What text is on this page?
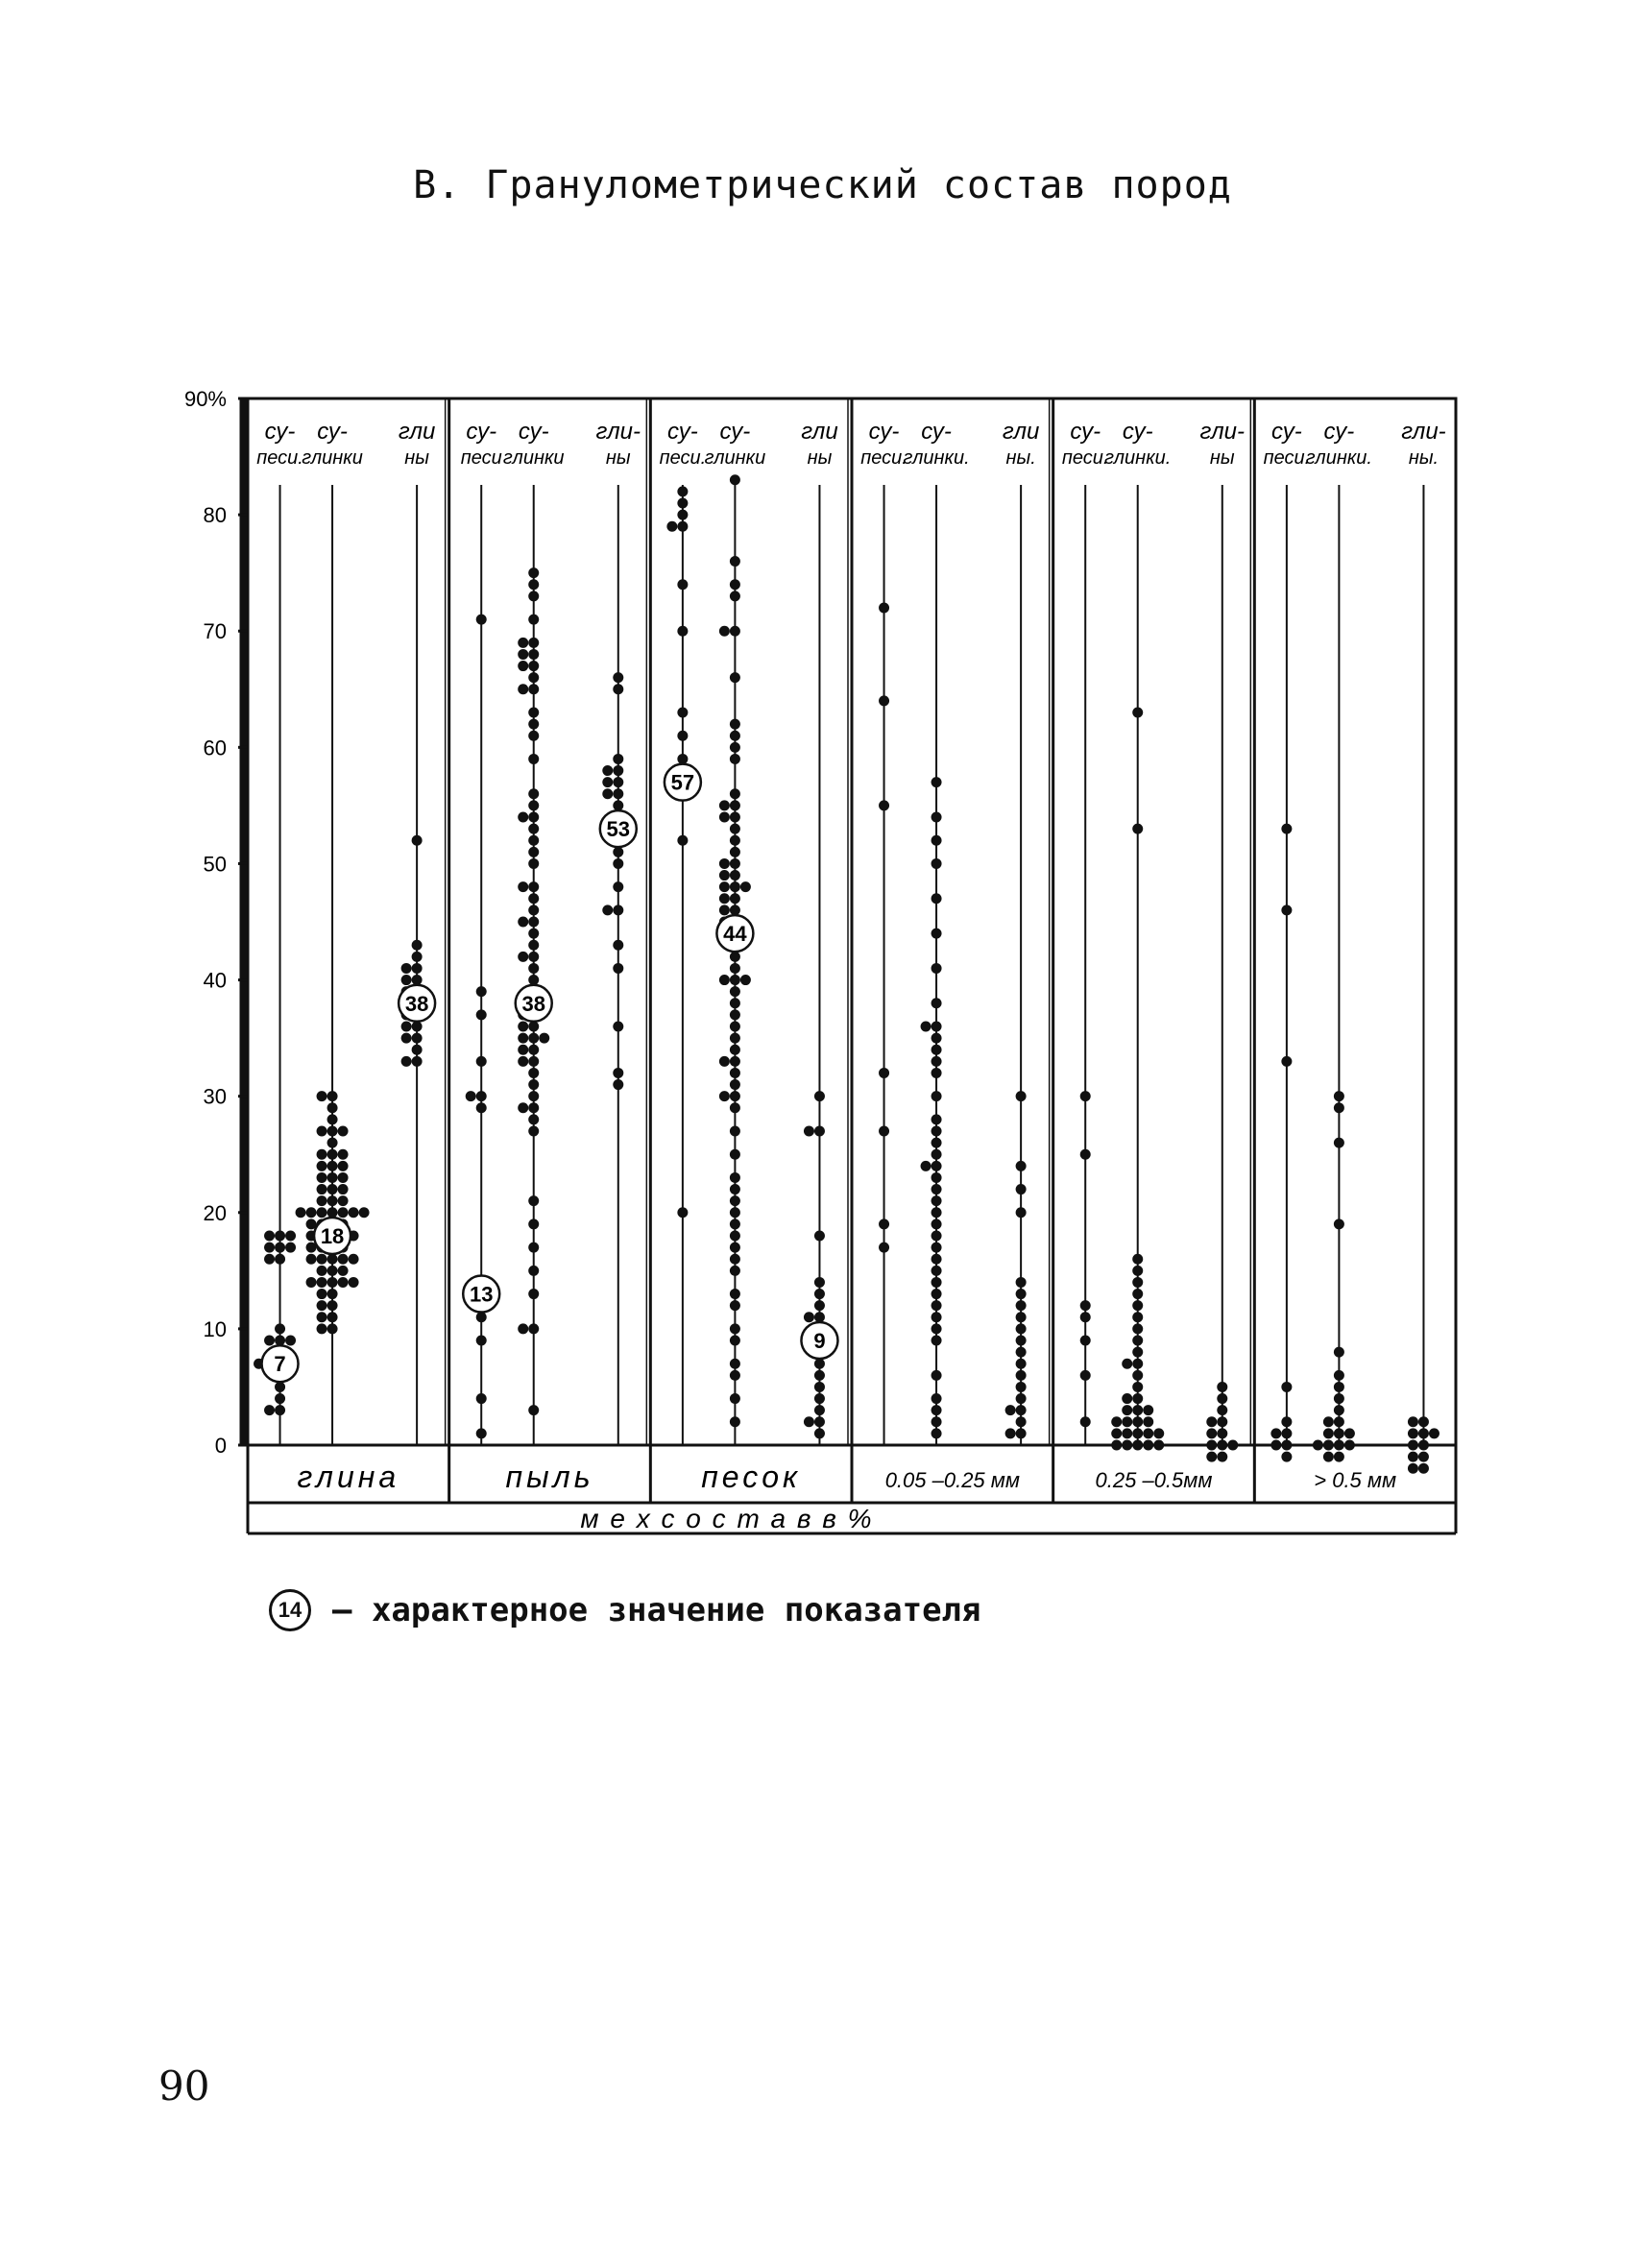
В. Гранулометрический состав пород
90%
80
70
60
50
40
30
20
10
0
м е х с о с т а в в %
глина
су-
песи.
7
су-
глинки
18
гли
ны
38
пыль
су-
песи
13
су-
глинки
38
гли-
ны
53
песок
су-
песи.
57
су-
глинки
44
гли
ны
9
0.05 –0.25 мм
су-
песи.
су-
глинки.
гли
ны.
0.25 –0.5мм
су-
песи.
су-
глинки.
гли-
ны
> 0.5 мм
су-
песи.
су-
глинки.
гли-
ны.
14 – характерное значение показателя
90
